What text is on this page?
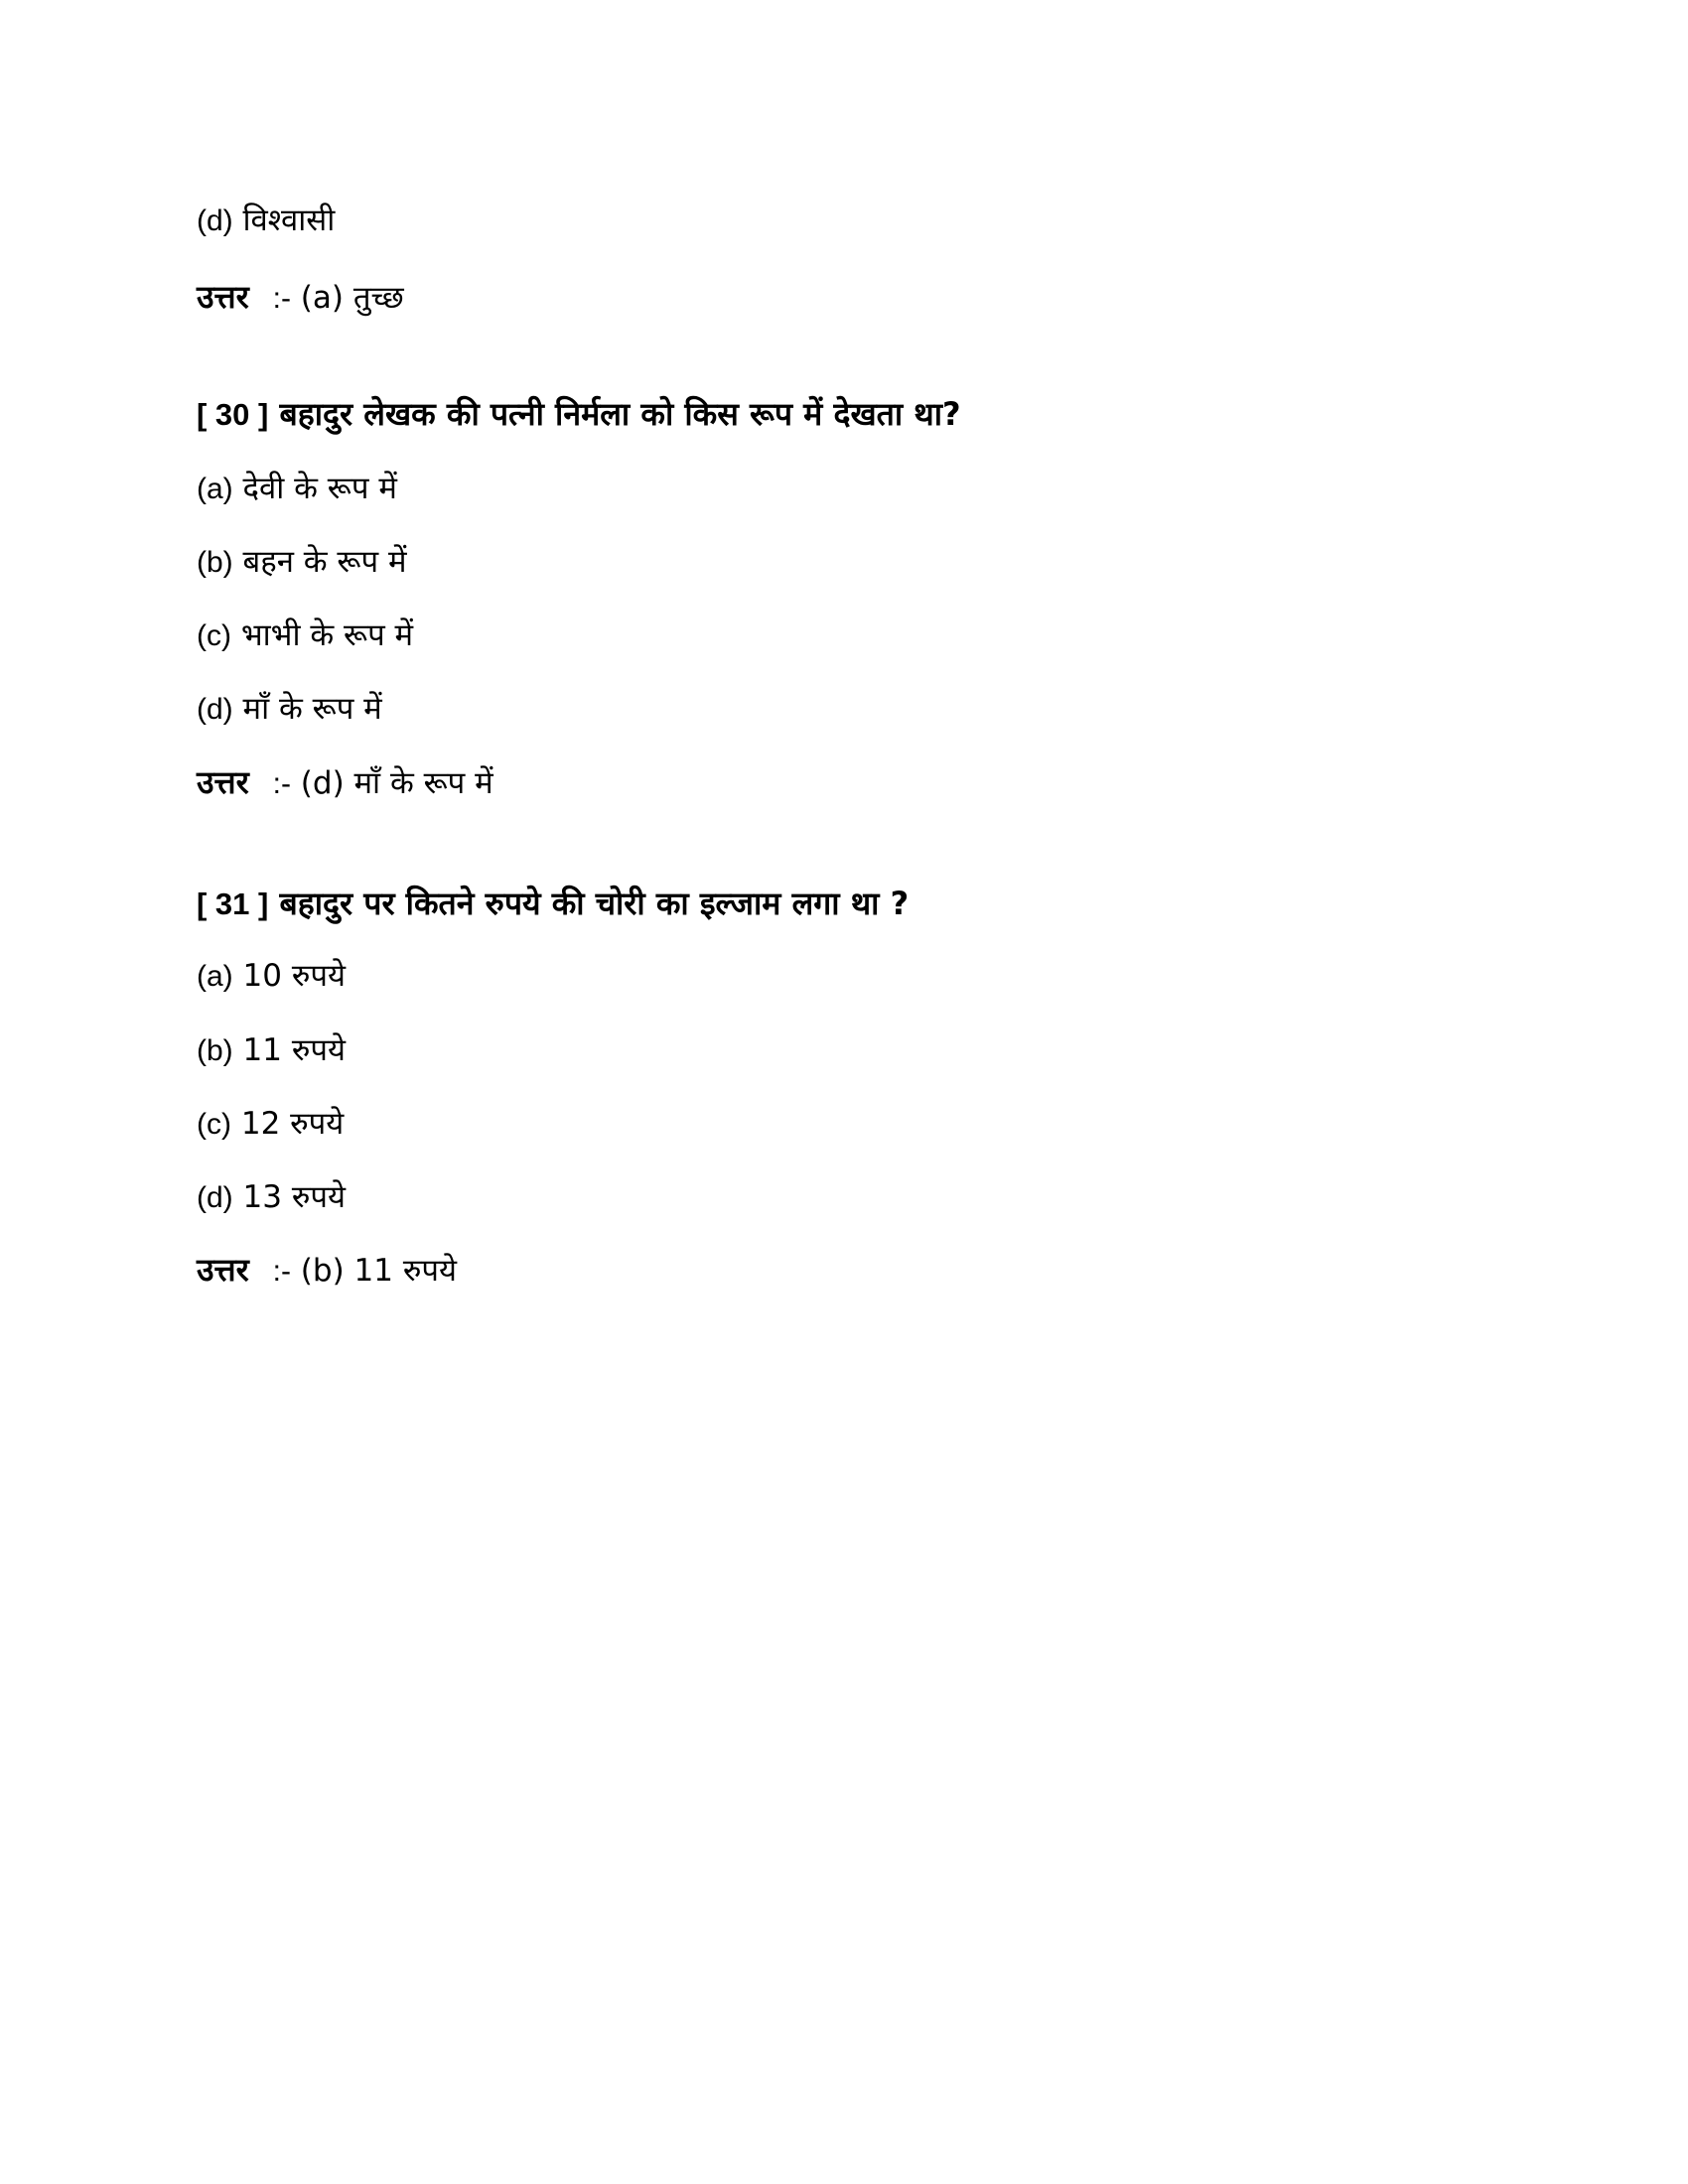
(d) विश्वासी
उत्तर :- (a) तुच्छ
[ 30 ] बहादुर लेखक की पत्नी निर्मला को किस रूप में देखता था?
(a) देवी के रूप में
(b) बहन के रूप में
(c) भाभी के रूप में
(d) माँ के रूप में
उत्तर :- (d) माँ के रूप में
[ 31 ] बहादुर पर कितने रुपये की चोरी का इल्जाम लगा था ?
(a) 10 रुपये
(b) 11 रुपये
(c) 12 रुपये
(d) 13 रुपये
उत्तर :- (b) 11 रुपये
